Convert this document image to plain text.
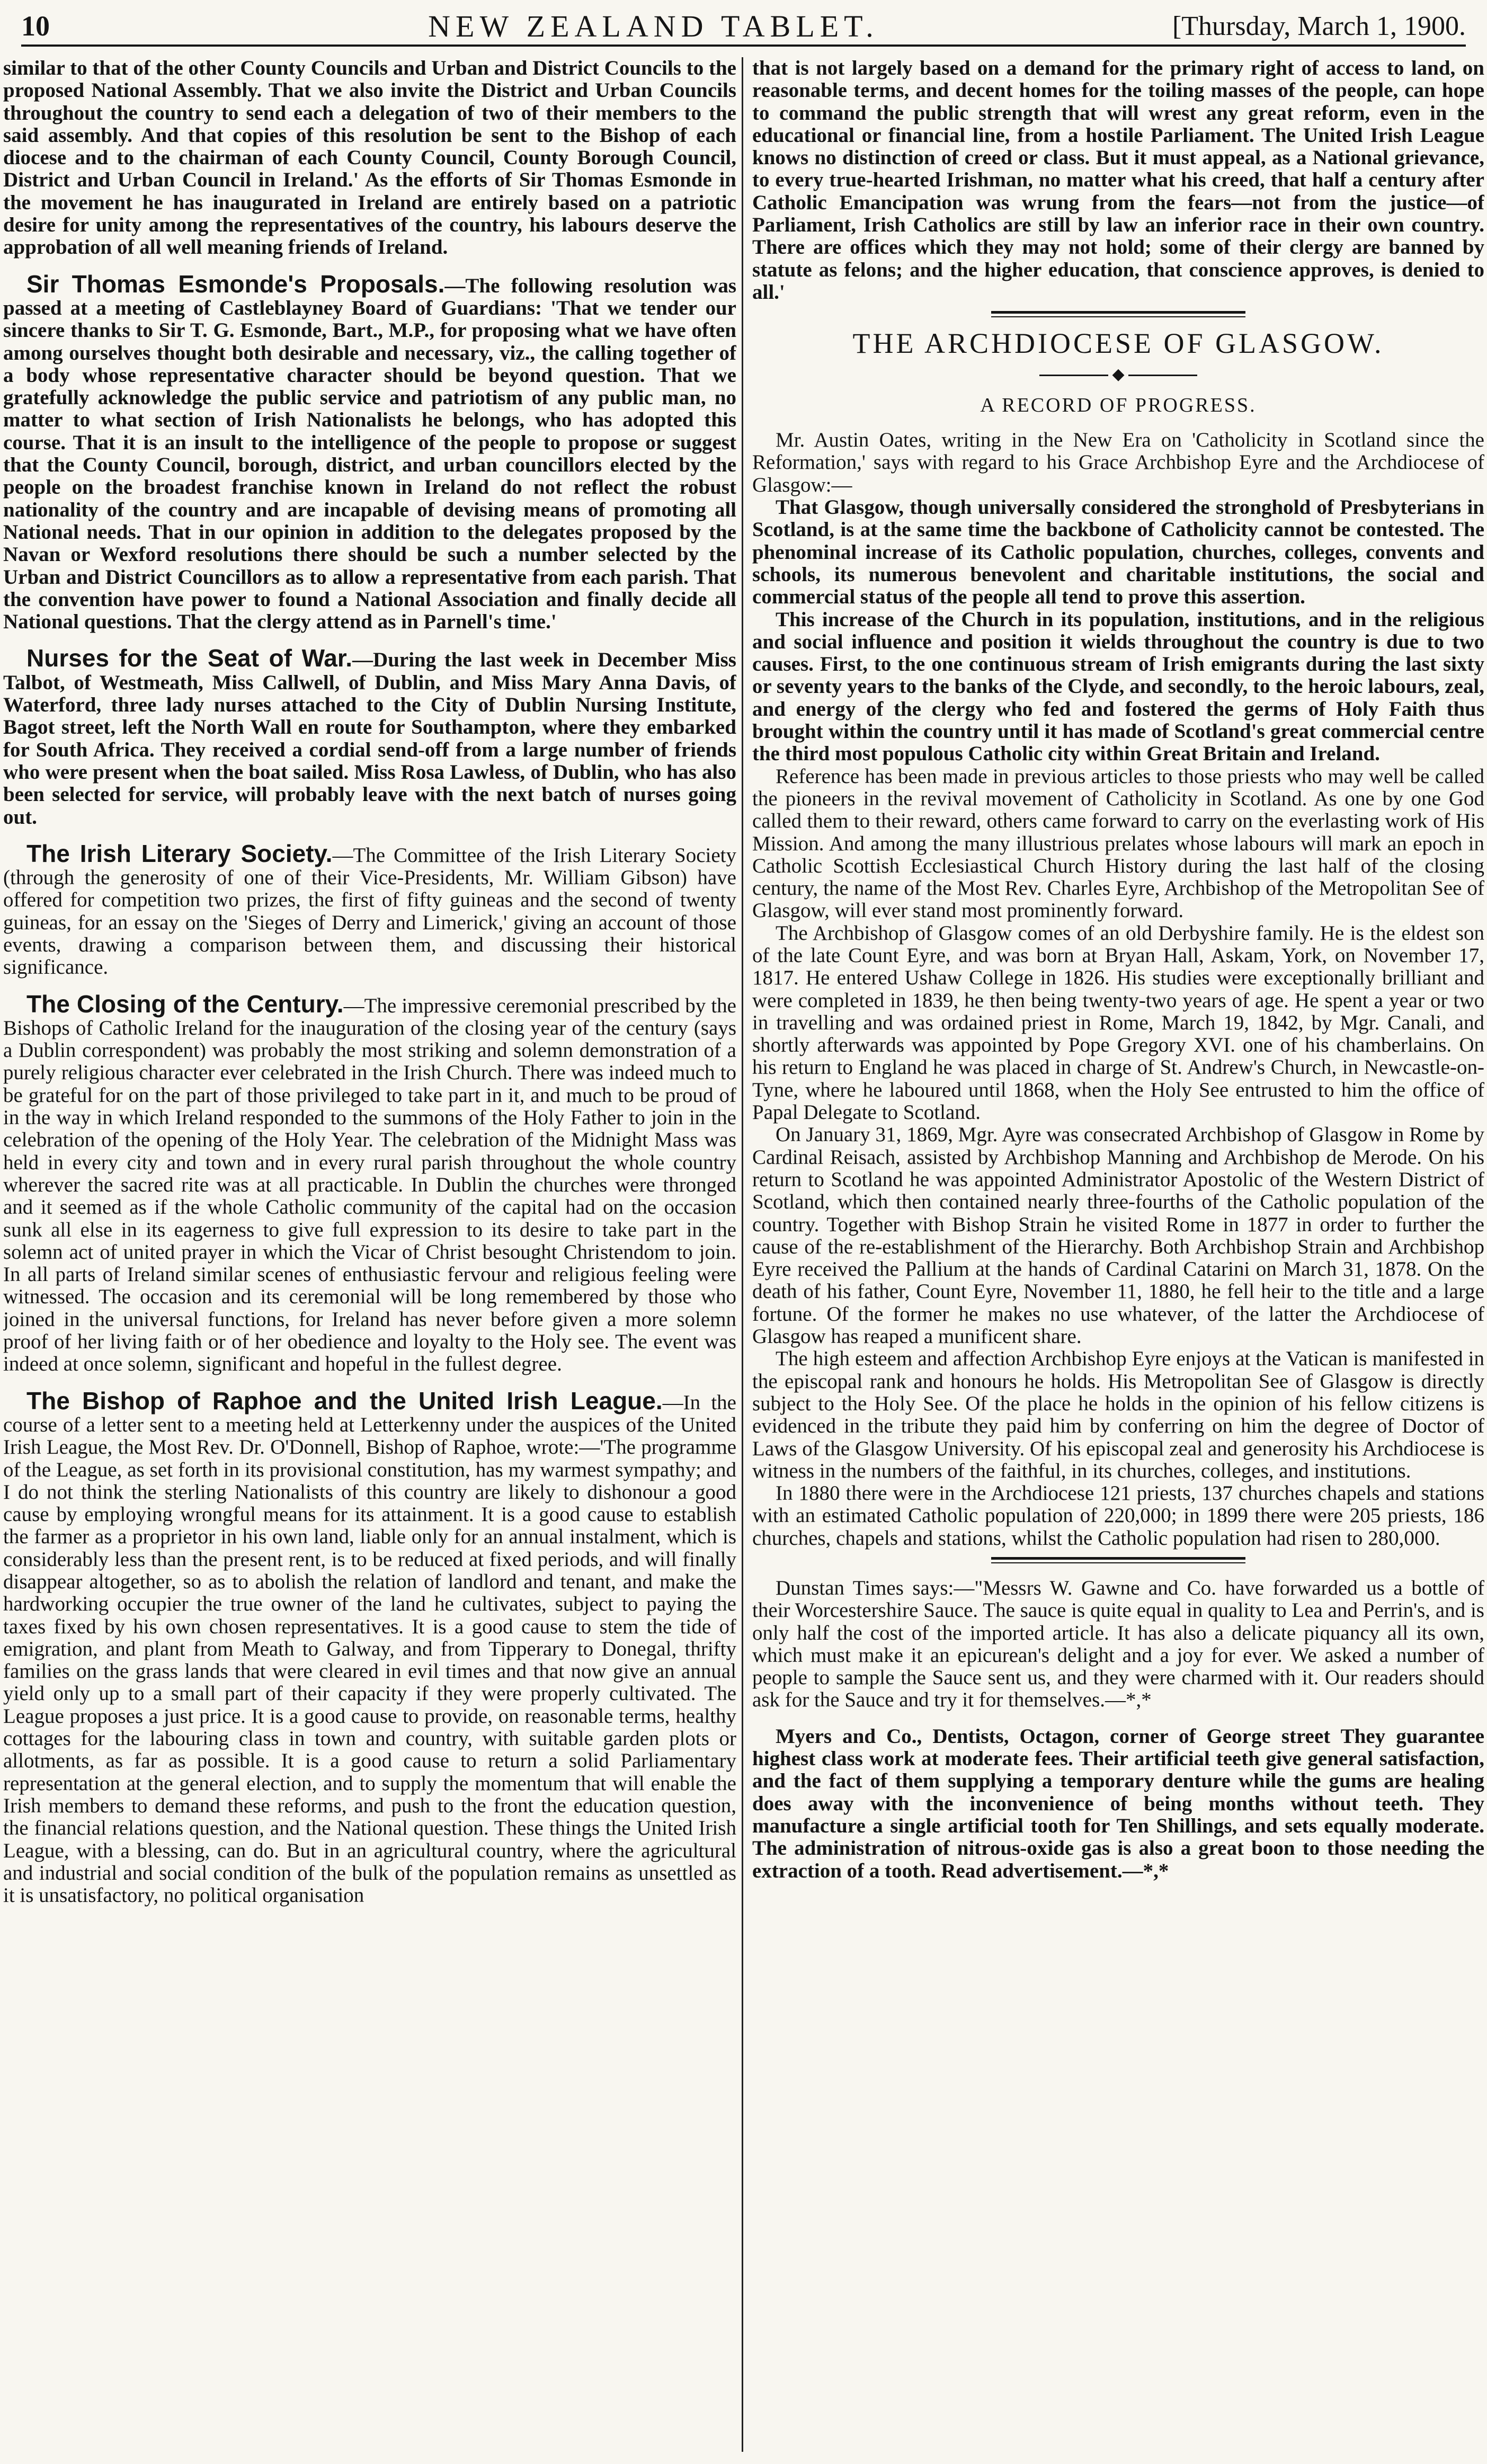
10	NEW ZEALAND TABLET.	[Thursday, March 1, 1900.

similar to that of the other County Councils and Urban and District Councils to the proposed National Assembly. That we also invite the District and Urban Councils throughout the country to send each a delegation of two of their members to the said assembly. And that copies of this resolution be sent to the Bishop of each diocese and to the chairman of each County Council, County Borough Council, District and Urban Council in Ireland.' As the efforts of Sir Thomas Esmonde in the movement he has inaugurated in Ireland are entirely based on a patriotic desire for unity among the representatives of the country, his labours deserve the approbation of all well meaning friends of Ireland.

Sir Thomas Esmonde's Proposals.—The following resolution was passed at a meeting of Castleblayney Board of Guardians: 'That we tender our sincere thanks to Sir T. G. Esmonde, Bart., M.P., for proposing what we have often among ourselves thought both desirable and necessary, viz., the calling together of a body whose representative character should be beyond question. That we gratefully acknowledge the public service and patriotism of any public man, no matter to what section of Irish Nationalists he belongs, who has adopted this course. That it is an insult to the intelligence of the people to propose or suggest that the County Council, borough, district, and urban councillors elected by the people on the broadest franchise known in Ireland do not reflect the robust nationality of the country and are incapable of devising means of promoting all National needs. That in our opinion in addition to the delegates proposed by the Navan or Wexford resolutions there should be such a number selected by the Urban and District Councillors as to allow a representative from each parish. That the convention have power to found a National Association and finally decide all National questions. That the clergy attend as in Parnell's time.'

Nurses for the Seat of War.—During the last week in December Miss Talbot, of Westmeath, Miss Callwell, of Dublin, and Miss Mary Anna Davis, of Waterford, three lady nurses attached to the City of Dublin Nursing Institute, Bagot street, left the North Wall en route for Southampton, where they embarked for South Africa. They received a cordial send-off from a large number of friends who were present when the boat sailed. Miss Rosa Lawless, of Dublin, who has also been selected for service, will probably leave with the next batch of nurses going out.

The Irish Literary Society.—The Committee of the Irish Literary Society (through the generosity of one of their Vice-Presidents, Mr. William Gibson) have offered for competition two prizes, the first of fifty guineas and the second of twenty guineas, for an essay on the 'Sieges of Derry and Limerick,' giving an account of those events, drawing a comparison between them, and discussing their historical significance.

The Closing of the Century.—The impressive ceremonial prescribed by the Bishops of Catholic Ireland for the inauguration of the closing year of the century (says a Dublin correspondent) was probably the most striking and solemn demonstration of a purely religious character ever celebrated in the Irish Church. There was indeed much to be grateful for on the part of those privileged to take part in it, and much to be proud of in the way in which Ireland responded to the summons of the Holy Father to join in the celebration of the opening of the Holy Year. The celebration of the Midnight Mass was held in every city and town and in every rural parish throughout the whole country wherever the sacred rite was at all practicable. In Dublin the churches were thronged and it seemed as if the whole Catholic community of the capital had on the occasion sunk all else in its eagerness to give full expression to its desire to take part in the solemn act of united prayer in which the Vicar of Christ besought Christendom to join. In all parts of Ireland similar scenes of enthusiastic fervour and religious feeling were witnessed. The occasion and its ceremonial will be long remembered by those who joined in the universal functions, for Ireland has never before given a more solemn proof of her living faith or of her obedience and loyalty to the Holy see. The event was indeed at once solemn, significant and hopeful in the fullest degree.

The Bishop of Raphoe and the United Irish League.—In the course of a letter sent to a meeting held at Letterkenny under the auspices of the United Irish League, the Most Rev. Dr. O'Donnell, Bishop of Raphoe, wrote:—'The programme of the League, as set forth in its provisional constitution, has my warmest sympathy; and I do not think the sterling Nationalists of this country are likely to dishonour a good cause by employing wrongful means for its attainment. It is a good cause to establish the farmer as a proprietor in his own land, liable only for an annual instalment, which is considerably less than the present rent, is to be reduced at fixed periods, and will finally disappear altogether, so as to abolish the relation of landlord and tenant, and make the hardworking occupier the true owner of the land he cultivates, subject to paying the taxes fixed by his own chosen representatives. It is a good cause to stem the tide of emigration, and plant from Meath to Galway, and from Tipperary to Donegal, thrifty families on the grass lands that were cleared in evil times and that now give an annual yield only up to a small part of their capacity if they were properly cultivated. The League proposes a just price. It is a good cause to provide, on reasonable terms, healthy cottages for the labouring class in town and country, with suitable garden plots or allotments, as far as possible. It is a good cause to return a solid Parliamentary representation at the general election, and to supply the momentum that will enable the Irish members to demand these reforms, and push to the front the education question, the financial relations question, and the National question. These things the United Irish League, with a blessing, can do. But in an agricultural country, where the agricultural and industrial and social condition of the bulk of the population remains as unsettled as it is unsatisfactory, no political organisation

that is not largely based on a demand for the primary right of access to land, on reasonable terms, and decent homes for the toiling masses of the people, can hope to command the public strength that will wrest any great reform, even in the educational or financial line, from a hostile Parliament. The United Irish League knows no distinction of creed or class. But it must appeal, as a National grievance, to every true-hearted Irishman, no matter what his creed, that half a century after Catholic Emancipation was wrung from the fears—not from the justice—of Parliament, Irish Catholics are still by law an inferior race in their own country. There are offices which they may not hold; some of their clergy are banned by statute as felons; and the higher education, that conscience approves, is denied to all.'

THE ARCHDIOCESE OF GLASGOW.
◆
A RECORD OF PROGRESS.

Mr. Austin Oates, writing in the New Era on 'Catholicity in Scotland since the Reformation,' says with regard to his Grace Archbishop Eyre and the Archdiocese of Glasgow:—

That Glasgow, though universally considered the stronghold of Presbyterians in Scotland, is at the same time the backbone of Catholicity cannot be contested. The phenominal increase of its Catholic population, churches, colleges, convents and schools, its numerous benevolent and charitable institutions, the social and commercial status of the people all tend to prove this assertion.

This increase of the Church in its population, institutions, and in the religious and social influence and position it wields throughout the country is due to two causes. First, to the one continuous stream of Irish emigrants during the last sixty or seventy years to the banks of the Clyde, and secondly, to the heroic labours, zeal, and energy of the clergy who fed and fostered the germs of Holy Faith thus brought within the country until it has made of Scotland's great commercial centre the third most populous Catholic city within Great Britain and Ireland.

Reference has been made in previous articles to those priests who may well be called the pioneers in the revival movement of Catholicity in Scotland. As one by one God called them to their reward, others came forward to carry on the everlasting work of His Mission. And among the many illustrious prelates whose labours will mark an epoch in Catholic Scottish Ecclesiastical Church History during the last half of the closing century, the name of the Most Rev. Charles Eyre, Archbishop of the Metropolitan See of Glasgow, will ever stand most prominently forward.

The Archbishop of Glasgow comes of an old Derbyshire family. He is the eldest son of the late Count Eyre, and was born at Bryan Hall, Askam, York, on November 17, 1817. He entered Ushaw College in 1826. His studies were exceptionally brilliant and were completed in 1839, he then being twenty-two years of age. He spent a year or two in travelling and was ordained priest in Rome, March 19, 1842, by Mgr. Canali, and shortly afterwards was appointed by Pope Gregory XVI. one of his chamberlains. On his return to England he was placed in charge of St. Andrew's Church, in Newcastle-on-Tyne, where he laboured until 1868, when the Holy See entrusted to him the office of Papal Delegate to Scotland.

On January 31, 1869, Mgr. Ayre was consecrated Archbishop of Glasgow in Rome by Cardinal Reisach, assisted by Archbishop Manning and Archbishop de Merode. On his return to Scotland he was appointed Administrator Apostolic of the Western District of Scotland, which then contained nearly three-fourths of the Catholic population of the country. Together with Bishop Strain he visited Rome in 1877 in order to further the cause of the re-establishment of the Hierarchy. Both Archbishop Strain and Archbishop Eyre received the Pallium at the hands of Cardinal Catarini on March 31, 1878. On the death of his father, Count Eyre, November 11, 1880, he fell heir to the title and a large fortune. Of the former he makes no use whatever, of the latter the Archdiocese of Glasgow has reaped a munificent share.

The high esteem and affection Archbishop Eyre enjoys at the Vatican is manifested in the episcopal rank and honours he holds. His Metropolitan See of Glasgow is directly subject to the Holy See. Of the place he holds in the opinion of his fellow citizens is evidenced in the tribute they paid him by conferring on him the degree of Doctor of Laws of the Glasgow University. Of his episcopal zeal and generosity his Archdiocese is witness in the numbers of the faithful, in its churches, colleges, and institutions.

In 1880 there were in the Archdiocese 121 priests, 137 churches chapels and stations with an estimated Catholic population of 220,000; in 1899 there were 205 priests, 186 churches, chapels and stations, whilst the Catholic population had risen to 280,000.

Dunstan Times says:—"Messrs W. Gawne and Co. have forwarded us a bottle of their Worcestershire Sauce. The sauce is quite equal in quality to Lea and Perrin's, and is only half the cost of the imported article. It has also a delicate piquancy all its own, which must make it an epicurean's delight and a joy for ever. We asked a number of people to sample the Sauce sent us, and they were charmed with it. Our readers should ask for the Sauce and try it for themselves.—*,*

Myers and Co., Dentists, Octagon, corner of George street They guarantee highest class work at moderate fees. Their artificial teeth give general satisfaction, and the fact of them supplying a temporary denture while the gums are healing does away with the inconvenience of being months without teeth. They manufacture a single artificial tooth for Ten Shillings, and sets equally moderate. The administration of nitrous-oxide gas is also a great boon to those needing the extraction of a tooth. Read advertisement.—*,*
